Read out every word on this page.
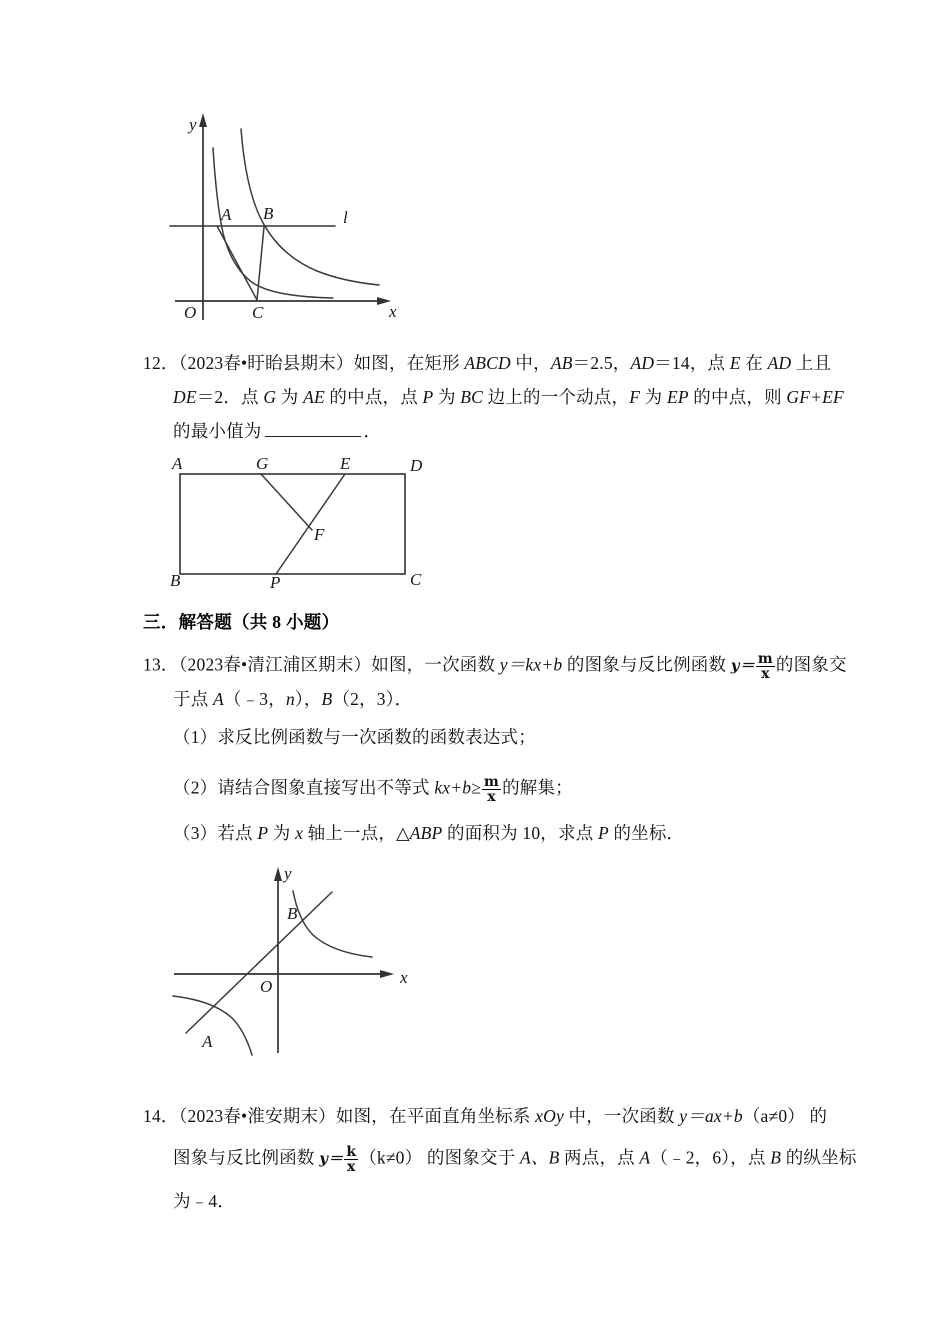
A B
C
O
y
x
l
12．（2023春•盱眙县期末）如图，在矩形 ABCD 中，AB＝2.5，AD＝14，点 E 在 AD 上且
DE＝2．点 G 为 AE 的中点，点 P 为 BC 边上的一个动点，F 为 EP 的中点，则 GF+EF
的最小值为	．
A	G	E	D
F
B	P	C
三．解答题（共 8 小题）
13．（2023春•清江浦区期末）如图，一次函数 y＝kx+b 的图象与反比例函数 $y= \frac{m}{x}$ 的图象交
于点 A（﹣3，n），B（2，3）．
（1）求反比例函数与一次函数的函数表达式；
（2）请结合图象直接写出不等式 $kx+b\ge \frac{m}{x}$ 的解集；
（3）若点 P 为 x 轴上一点，△ABP 的面积为 10，求点 P 的坐标．
y
x
O
B
A
14．（2023春•淮安期末）如图，在平面直角坐标系 xOy 中，一次函数 y＝ax+b（a≠0） 的
图象与反比例函数 $y= \frac{k}{x} (k\ne 0)$ 的图象交于 A、B 两点，点 A（﹣2，6），点 B 的纵坐标
为﹣4．
